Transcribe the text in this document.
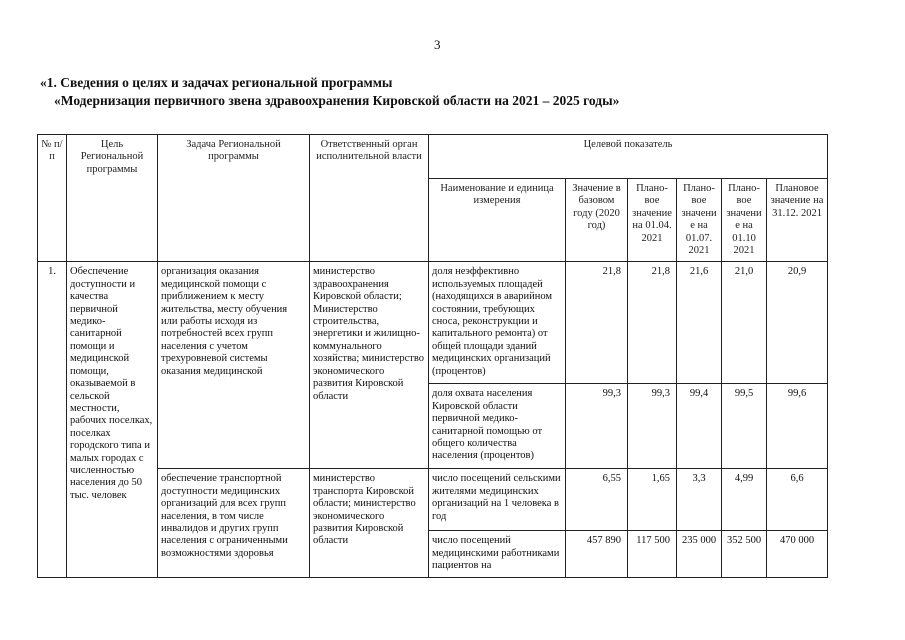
3
«1. Сведения о целях и задачах региональной программы
«Модернизация первичного звена здравоохранения Кировской области на 2021 – 2025 годы»
№ п/п	Цель Региональной программы	Задача Региональной программы	Ответственный орган исполнительной власти	Целевой показатель					
				Наименование и единица измерения	Значение в базовом году (2020 год)	Плано-вое значение на 01.04. 2021	Плано-вое значени е на 01.07. 2021	Плано-вое значени е на 01.10 2021	Плановое значение на 31.12. 2021
1.	Обеспечение доступности и качества первичной медико-санитарной помощи и медицинской помощи, оказываемой в сельской местности, рабочих поселках, поселках городского типа и малых городах с численностью населения до 50 тыс. человек	организация оказания медицинской помощи с приближением к месту жительства, месту обучения или работы исходя из потребностей всех групп населения с учетом трехуровневой системы оказания медицинской	министерство здравоохранения Кировской области; Министерство строительства, энергетики и жилищно-коммунального хозяйства; министерство экономического развития Кировской области	доля неэффективно используемых площадей (находящихся в аварийном состоянии, требующих сноса, реконструкции и капитального ремонта) от общей площади зданий медицинских организаций (процентов)	21,8	21,8	21,6	21,0	20,9
				доля охвата населения Кировской области первичной медико-санитарной помощью от общего количества населения (процентов)	99,3	99,3	99,4	99,5	99,6
		обеспечение транспортной доступности медицинских организаций для всех групп населения, в том числе инвалидов и других групп населения с ограниченными возможностями здоровья	министерство транспорта Кировской области; министерство экономического развития Кировской области	число посещений сельскими жителями медицинских организаций на 1 человека в год	6,55	1,65	3,3	4,99	6,6
				число посещений медицинскими работниками пациентов на	457 890	117 500	235 000	352 500	470 000
